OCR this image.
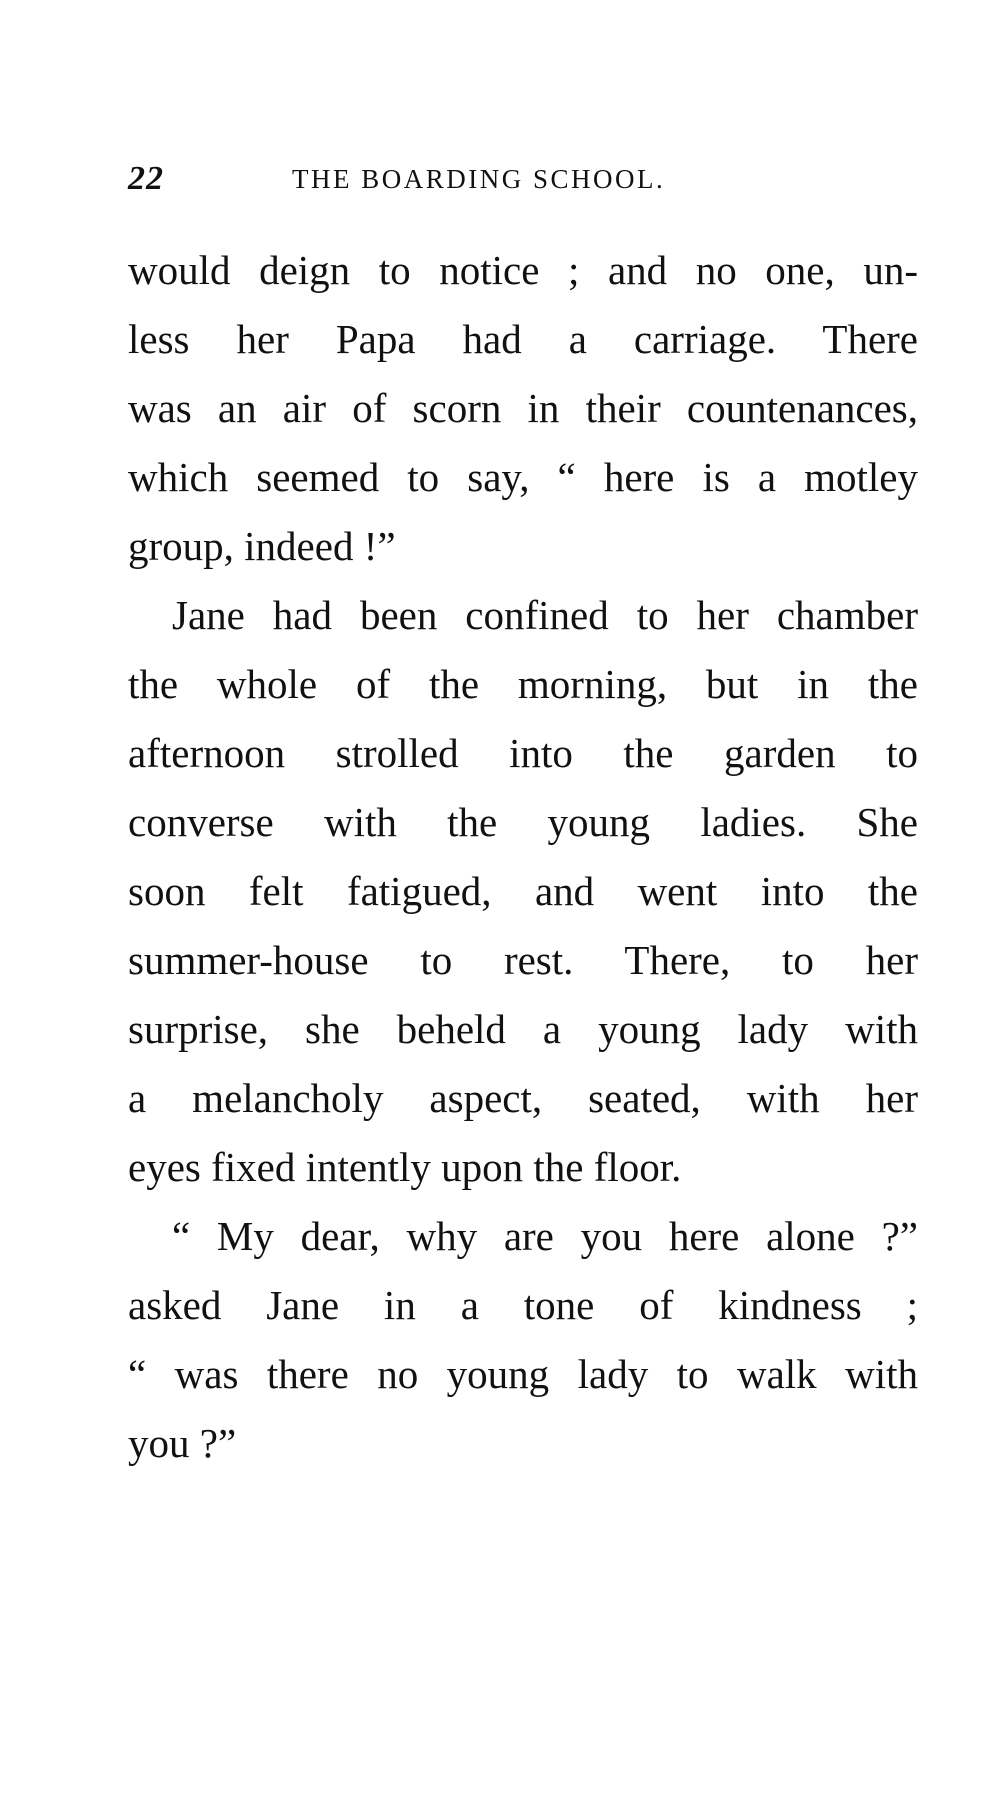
22	THE BOARDING SCHOOL.
would deign to notice ; and no one, un-
less her Papa had a carriage. There
was an air of scorn in their countenances,
which seemed to say, “ here is a motley
group, indeed !”
Jane had been confined to her chamber
the whole of the morning, but in the
afternoon strolled into the garden to
converse with the young ladies. She
soon felt fatigued, and went into the
summer-house to rest. There, to her
surprise, she beheld a young lady with
a melancholy aspect, seated, with her
eyes fixed intently upon the floor.
“ My dear, why are you here alone ?”
asked Jane in a tone of kindness ;
“ was there no young lady to walk with
you ?”
